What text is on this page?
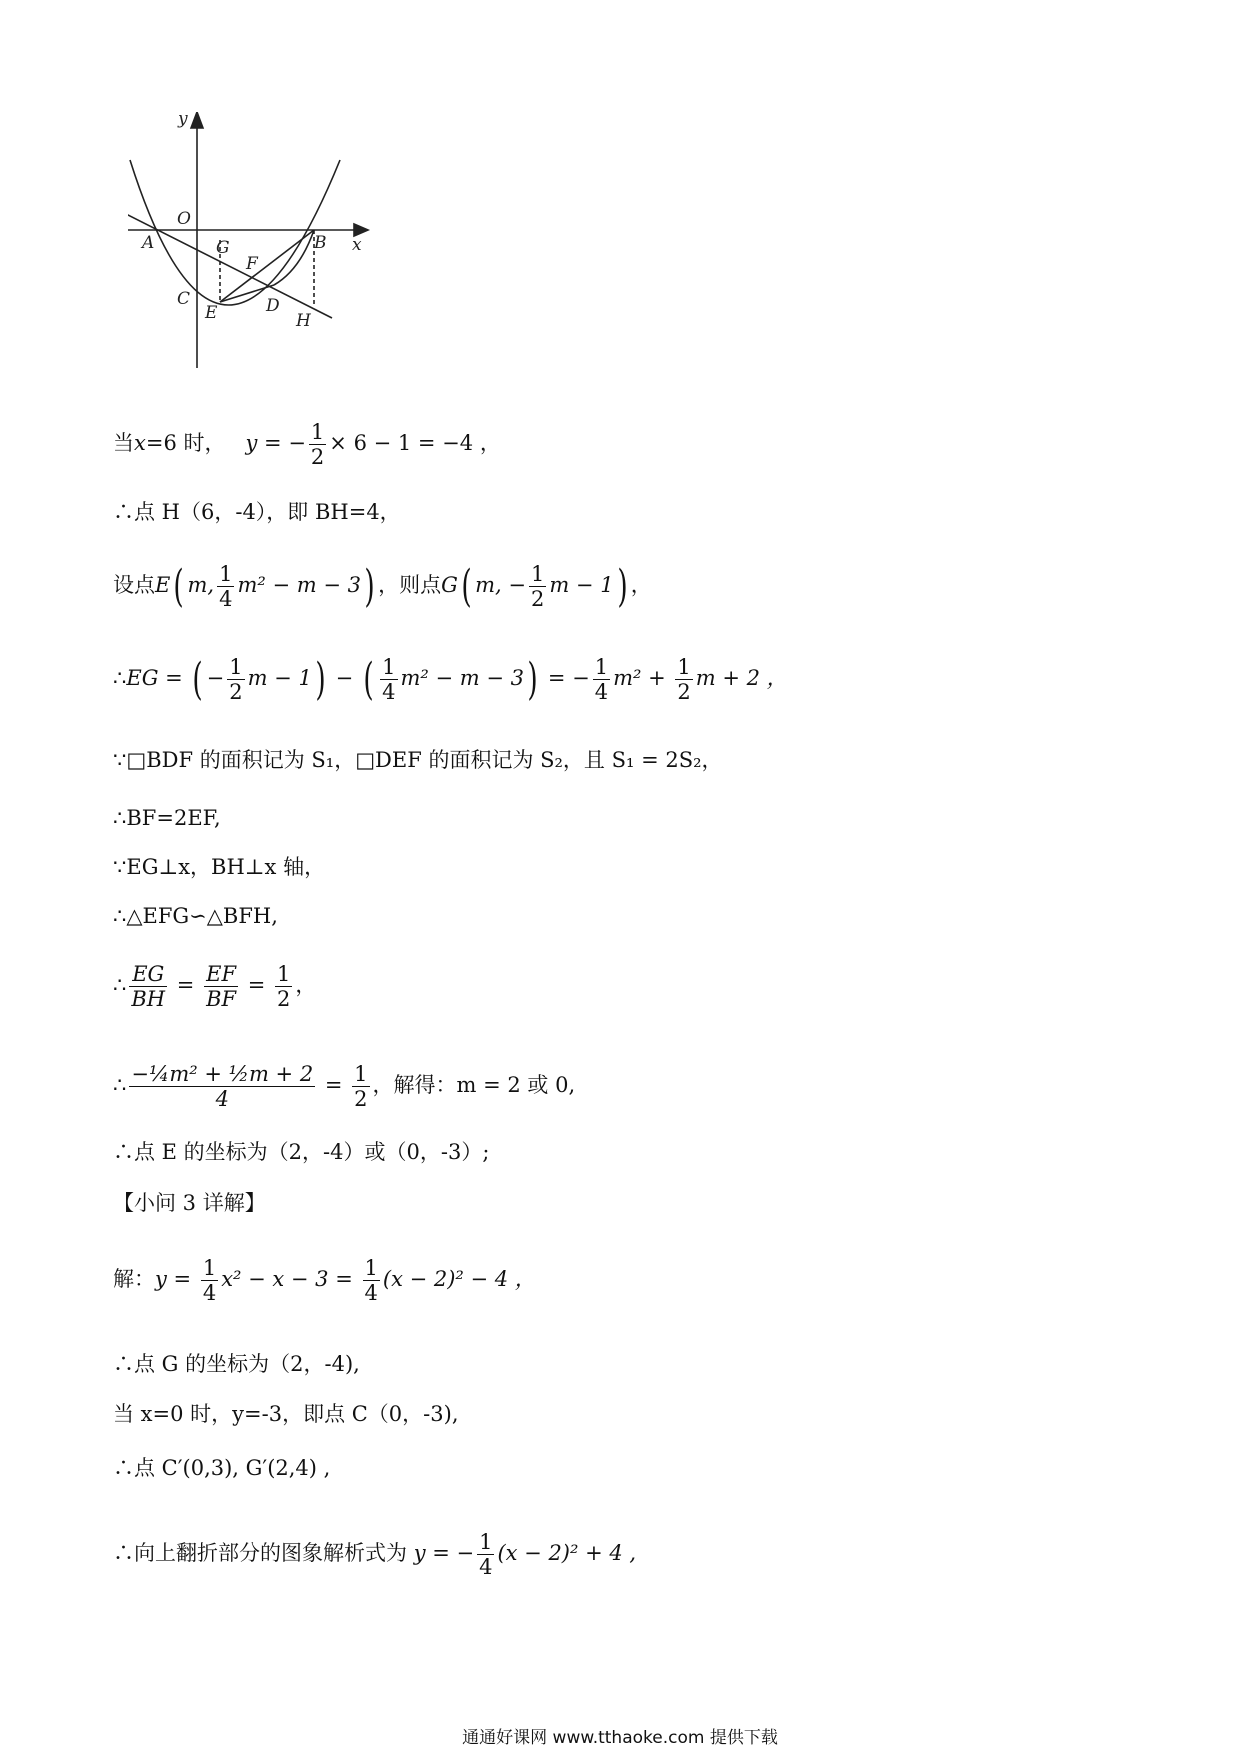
y
O
x
A	B
G
F
C
E	D
H
当x=6 时， y = − $\frac{1}{2} \times 6 - 1 = -4$ ，
∴点 H（6，-4），即 BH=4，
设点E( m, $\frac{1}{4} m^2 - m - 3$) ，则点G( m, − $\frac{1}{2}$ m − 1) ，
∴EG = ( − $\frac{1}{2}$ m − 1) − ( $\frac{1}{4} m^2 - m - 3$) = − $\frac{1}{4} m^2 + \frac{1}{2}$ m + 2 ，
∵□BDF 的面积记为 S₁，□DEF 的面积记为 S₂，且 S₁ = 2S₂，
∴BF=2EF,
∵EG⊥x，BH⊥x 轴，
∴△EFG∽△BFH,
∴ $\frac{EG}{BH} = \frac{EF}{BF} = \frac{1}{2}$ ，
∴ $\frac{\text{−¼m² + ½m + 2}}{4} = \frac{1}{2}$ ，解得：m = 2 或 0,
∴点 E 的坐标为（2，-4）或（0，-3）;
【小问 3 详解】
解：$y = \frac{1}{4} x^2 - x - 3 = \frac{1}{4} (x - 2)^2 - 4$ ，
∴点 G 的坐标为（2，-4),
当 x=0 时，y=-3，即点 C（0，-3),
∴点 C′(0,3), G′(2,4) ,
∴向上翻折部分的图象解析式为 y = − $\frac{1}{4} (x - 2)^2 + 4$ ,
通通好课网 www.tthaoke.com 提供下载
